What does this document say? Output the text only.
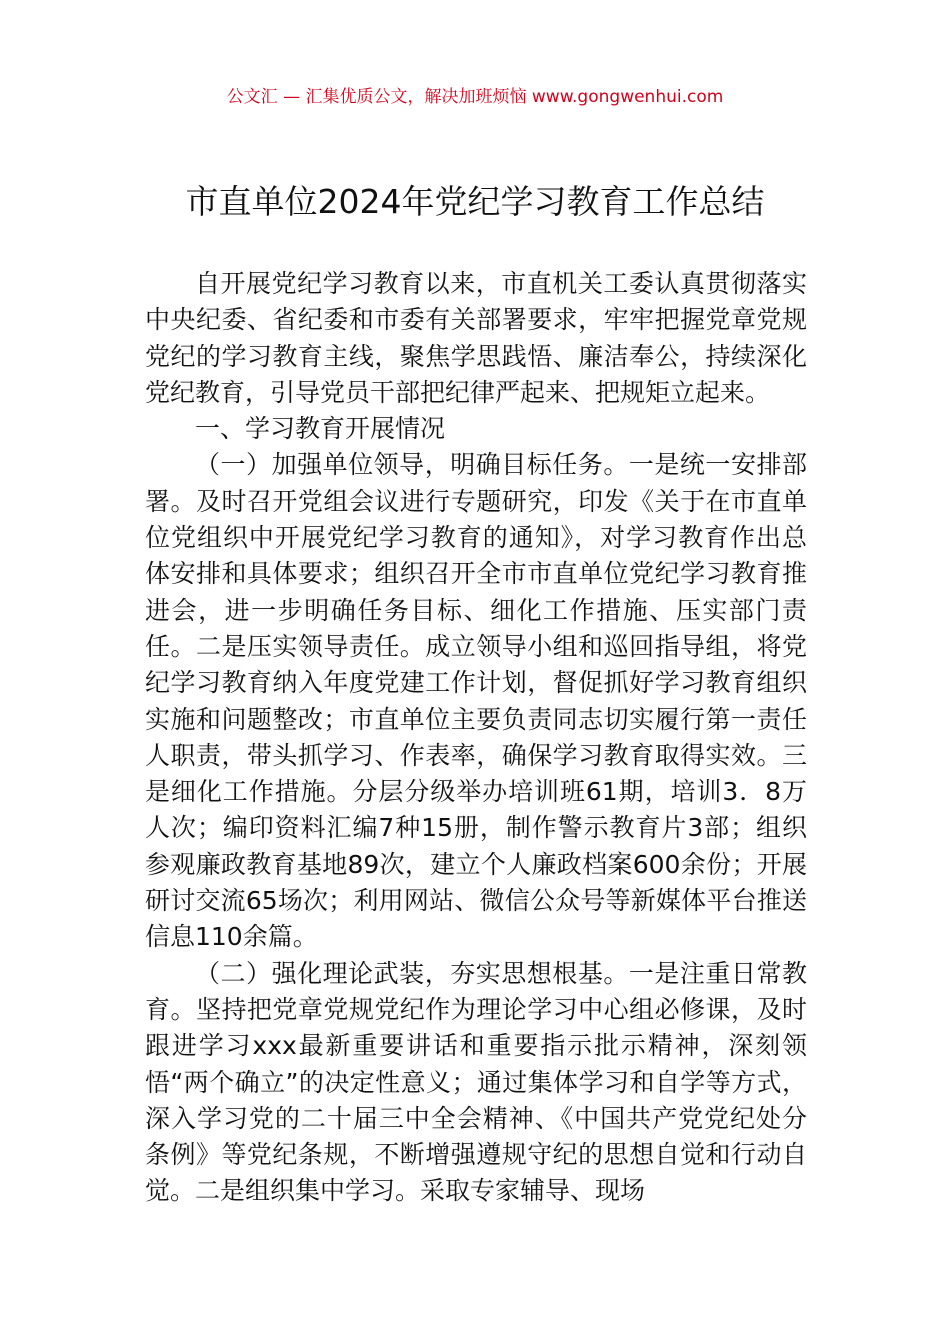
公文汇 — 汇集优质公文，解决加班烦恼 www.gongwenhui.com
市直单位2024年党纪学习教育工作总结

自开展党纪学习教育以来，市直机关工委认真贯彻落实中央纪委、省纪委和市委有关部署要求，牢牢把握党章党规党纪的学习教育主线，聚焦学思践悟、廉洁奉公，持续深化党纪教育，引导党员干部把纪律严起来、把规矩立起来。

一、学习教育开展情况

（一）加强单位领导，明确目标任务。一是统一安排部署。及时召开党组会议进行专题研究，印发《关于在市直单位党组织中开展党纪学习教育的通知》，对学习教育作出总体安排和具体要求；组织召开全市市直单位党纪学习教育推进会，进一步明确任务目标、细化工作措施、压实部门责任。二是压实领导责任。成立领导小组和巡回指导组，将党纪学习教育纳入年度党建工作计划，督促抓好学习教育组织实施和问题整改；市直单位主要负责同志切实履行第一责任人职责，带头抓学习、作表率，确保学习教育取得实效。三是细化工作措施。分层分级举办培训班61期，培训3．8万人次；编印资料汇编7种15册，制作警示教育片3部；组织参观廉政教育基地89次，建立个人廉政档案600余份；开展研讨交流65场次；利用网站、微信公众号等新媒体平台推送信息110余篇。

（二）强化理论武装，夯实思想根基。一是注重日常教育。坚持把党章党规党纪作为理论学习中心组必修课，及时跟进学习xxx最新重要讲话和重要指示批示精神，深刻领悟“两个确立”的决定性意义；通过集体学习和自学等方式，深入学习党的二十届三中全会精神、《中国共产党党纪处分条例》等党纪条规，不断增强遵规守纪的思想自觉和行动自觉。二是组织集中学习。采取专家辅导、现场
